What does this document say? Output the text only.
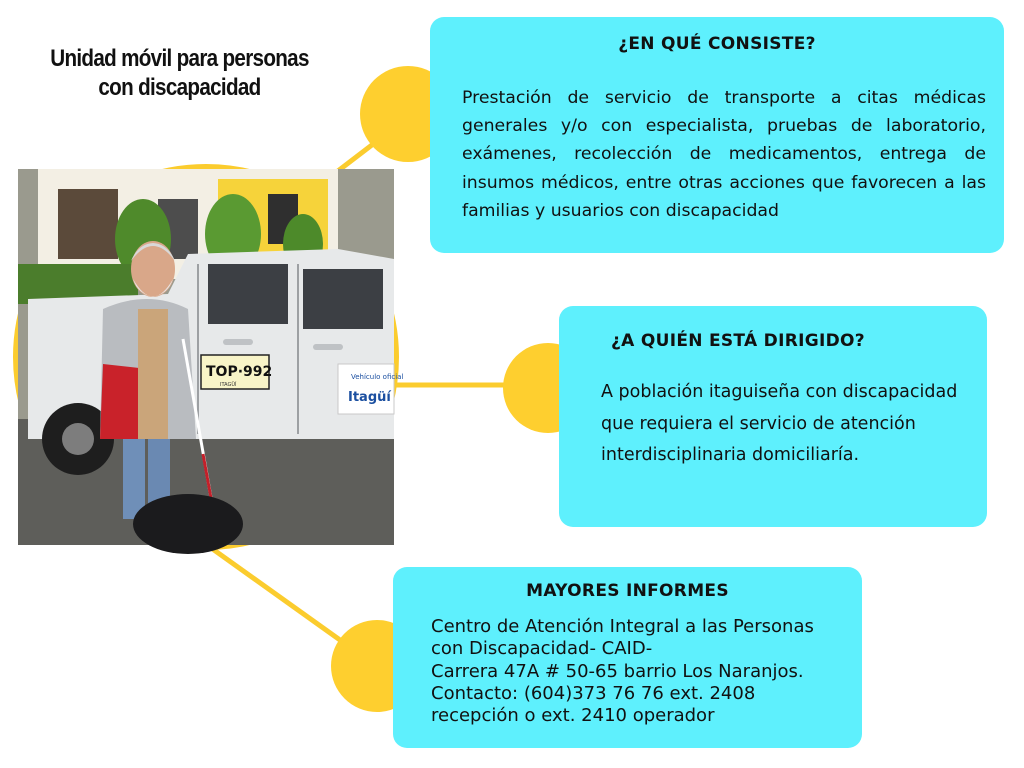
Unidad móvil para personas
con discapacidad
Vehículo oficial
Itagüí
TOP·992
ITAGÜÍ
¿EN QUÉ CONSISTE?

Prestación de servicio de transporte a citas médicas generales y/o con especialista, pruebas de laboratorio, exámenes, recolección de medicamentos, entrega de insumos médicos, entre otras acciones que favorecen a las familias y usuarios con discapacidad

¿A QUIÉN ESTÁ DIRIGIDO?

A población itaguiseña con discapacidad que requiera el servicio de atención interdisciplinaria domiciliaría.

MAYORES INFORMES
Centro de Atención Integral a las Personas
con Discapacidad- CAID-
Carrera 47A # 50-65 barrio Los Naranjos.
Contacto: (604)373 76 76 ext. 2408
recepción o ext. 2410 operador
